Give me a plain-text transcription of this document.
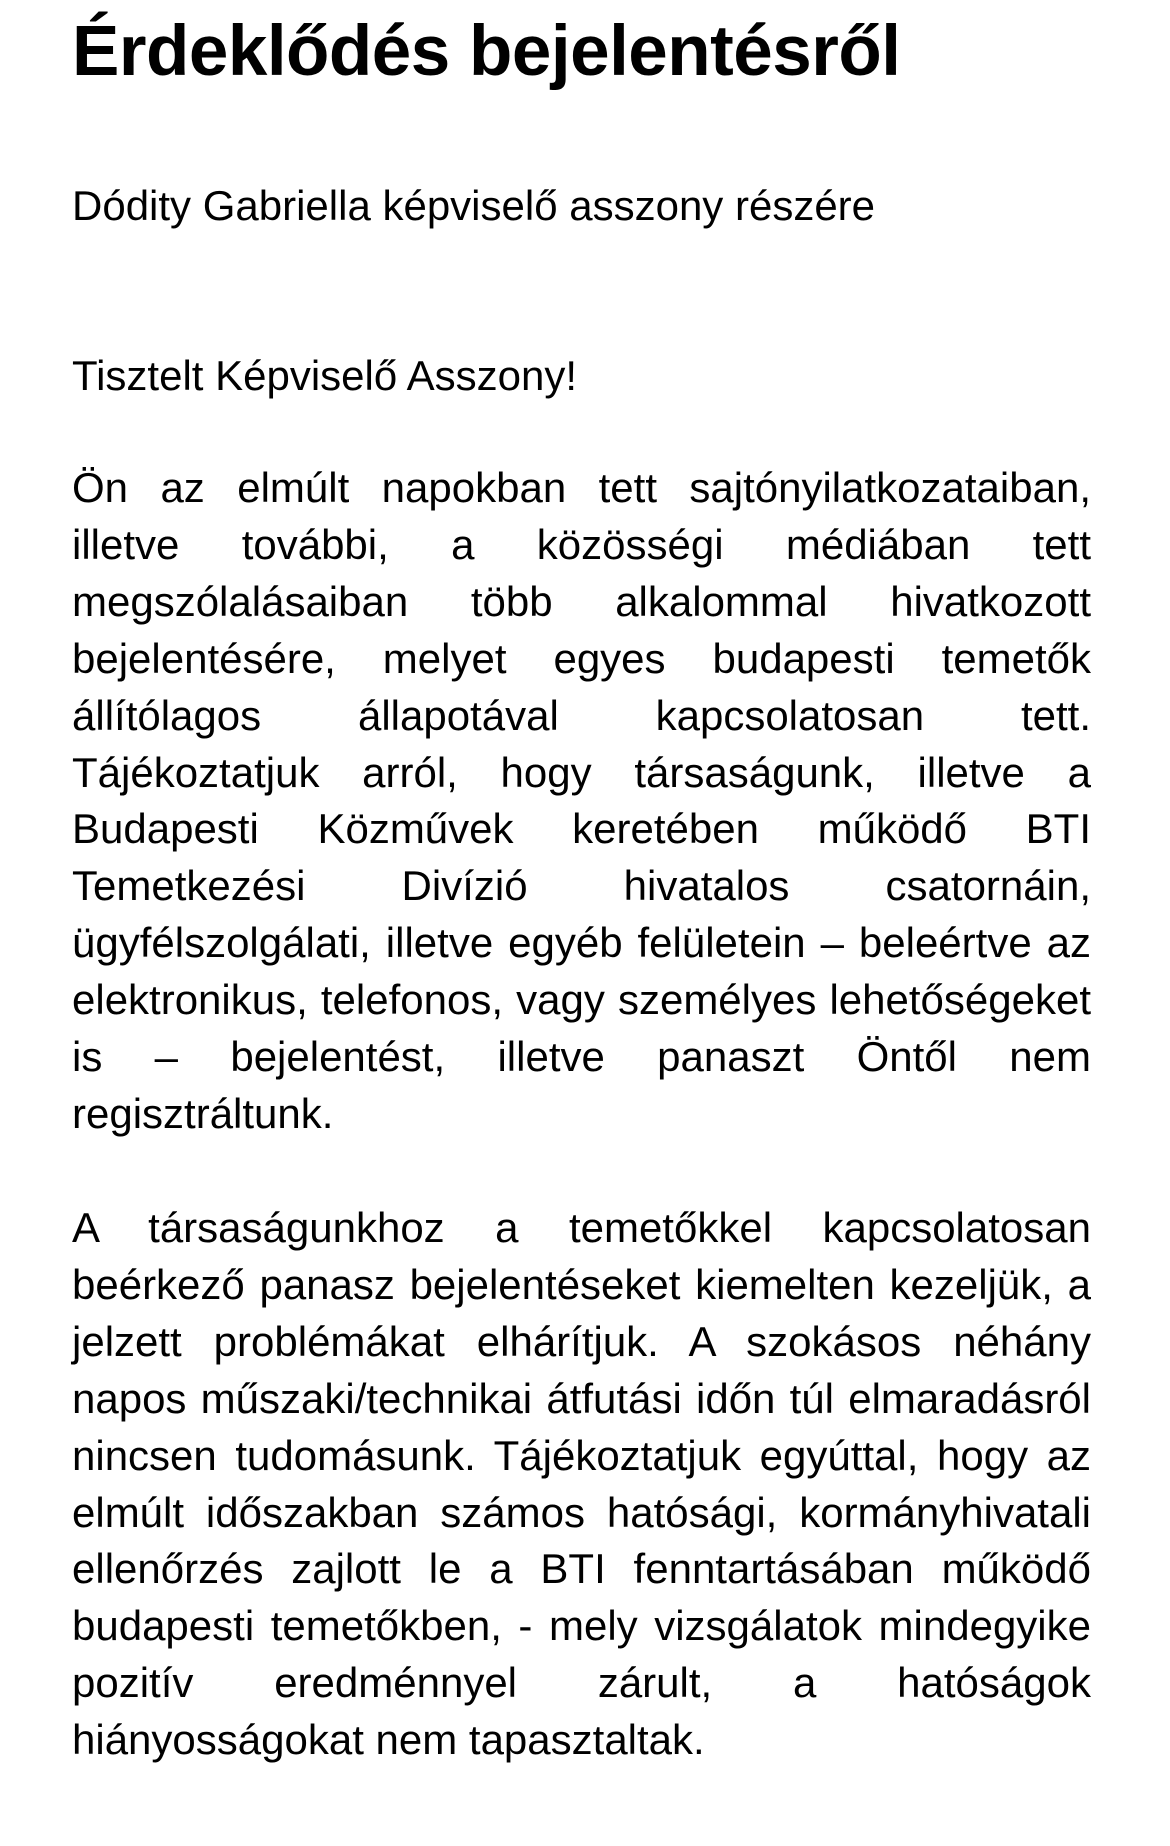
Érdeklődés bejelentésről
Dódity Gabriella képviselő asszony részére
Tisztelt Képviselő Asszony!

Ön az elmúlt napokban tett sajtónyilatkozataiban, illetve további, a közösségi médiában tett megszólalásaiban több alkalommal hivatkozott bejelentésére, melyet egyes budapesti temetők állítólagos állapotával kapcsolatosan tett. Tájékoztatjuk arról, hogy társaságunk, illetve a Budapesti Közművek keretében működő BTI Temetkezési Divízió hivatalos csatornáin, ügyfélszolgálati, illetve egyéb felületein – beleértve az elektronikus, telefonos, vagy személyes lehetőségeket is – bejelentést, illetve panaszt Öntől nem regisztráltunk.

A társaságunkhoz a temetőkkel kapcsolatosan beérkező panasz bejelentéseket kiemelten kezeljük, a jelzett problémákat elhárítjuk. A szokásos néhány napos műszaki/technikai átfutási időn túl elmaradásról nincsen tudomásunk. Tájékoztatjuk egyúttal, hogy az elmúlt időszakban számos hatósági, kormányhivatali ellenőrzés zajlott le a BTI fenntartásában működő budapesti temetőkben, - mely vizsgálatok mindegyike pozitív eredménnyel zárult, a hatóságok hiányosságokat nem tapasztaltak.
